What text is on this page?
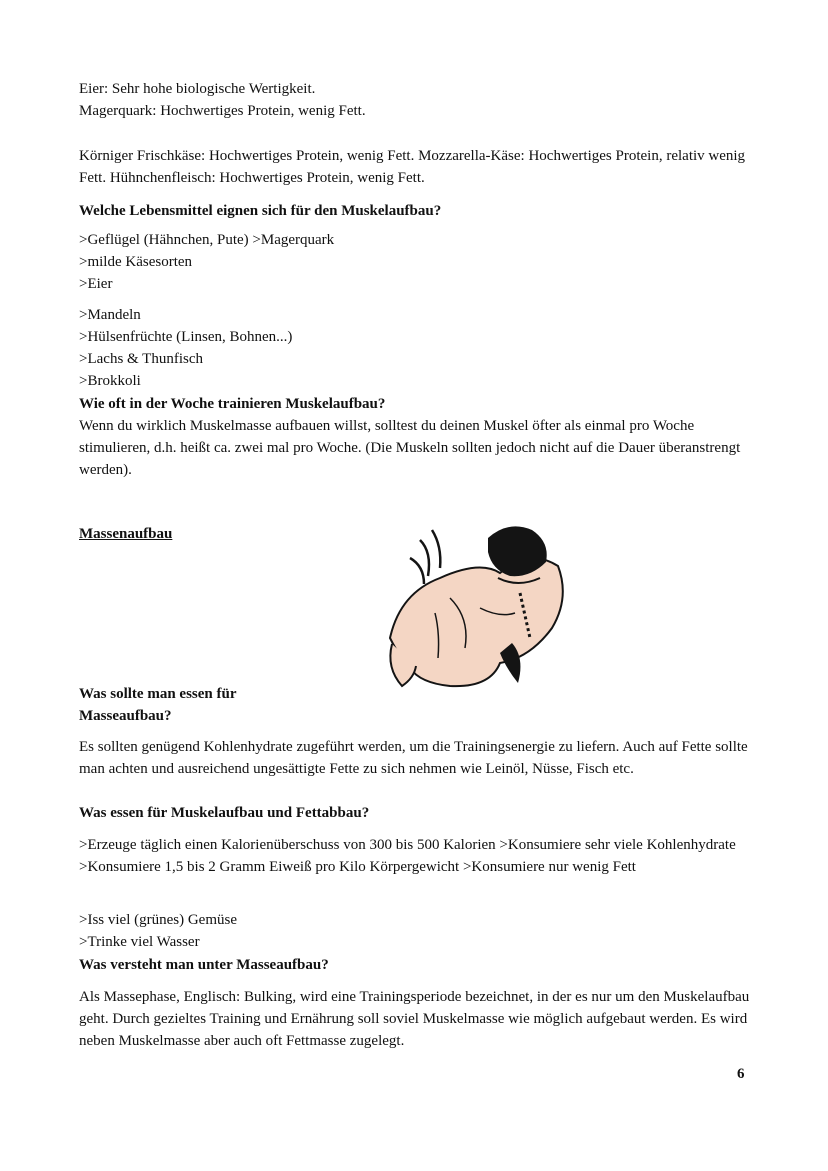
Eier: Sehr hohe biologische Wertigkeit.
Magerquark: Hochwertiges Protein, wenig Fett.

Körniger Frischkäse: Hochwertiges Protein, wenig Fett. Mozzarella-Käse: Hochwertiges Protein, relativ wenig Fett. Hühnchenfleisch: Hochwertiges Protein, wenig Fett.

Welche Lebensmittel eignen sich für den Muskelaufbau?
>Geflügel (Hähnchen, Pute) >Magerquark
>milde Käsesorten
>Eier
>Mandeln
>Hülsenfrüchte (Linsen, Bohnen...)
>Lachs & Thunfisch
>Brokkoli
Wie oft in der Woche trainieren Muskelaufbau?

Wenn du wirklich Muskelmasse aufbauen willst, solltest du deinen Muskel öfter als einmal pro Woche stimulieren, d.h. heißt ca. zwei mal pro Woche. (Die Muskeln sollten jedoch nicht auf die Dauer überanstrengt werden).

Massenaufbau
Was sollte man essen für
Masseaufbau?

Es sollten genügend Kohlenhydrate zugeführt werden, um die Trainingsenergie zu liefern. Auch auf Fette sollte man achten und ausreichend ungesättigte Fette zu sich nehmen wie Leinöl, Nüsse, Fisch etc.

Was essen für Muskelaufbau und Fettabbau?
>Erzeuge täglich einen Kalorienüberschuss von 300 bis 500 Kalorien >Konsumiere sehr viele Kohlenhydrate
>Konsumiere 1,5 bis 2 Gramm Eiweiß pro Kilo Körpergewicht >Konsumiere nur wenig Fett
>Iss viel (grünes) Gemüse
>Trinke viel Wasser
Was versteht man unter Masseaufbau?

Als Massephase, Englisch: Bulking, wird eine Trainingsperiode bezeichnet, in der es nur um den Muskelaufbau geht. Durch gezieltes Training und Ernährung soll soviel Muskelmasse wie möglich aufgebaut werden. Es wird neben Muskelmasse aber auch oft Fettmasse zugelegt.

6
